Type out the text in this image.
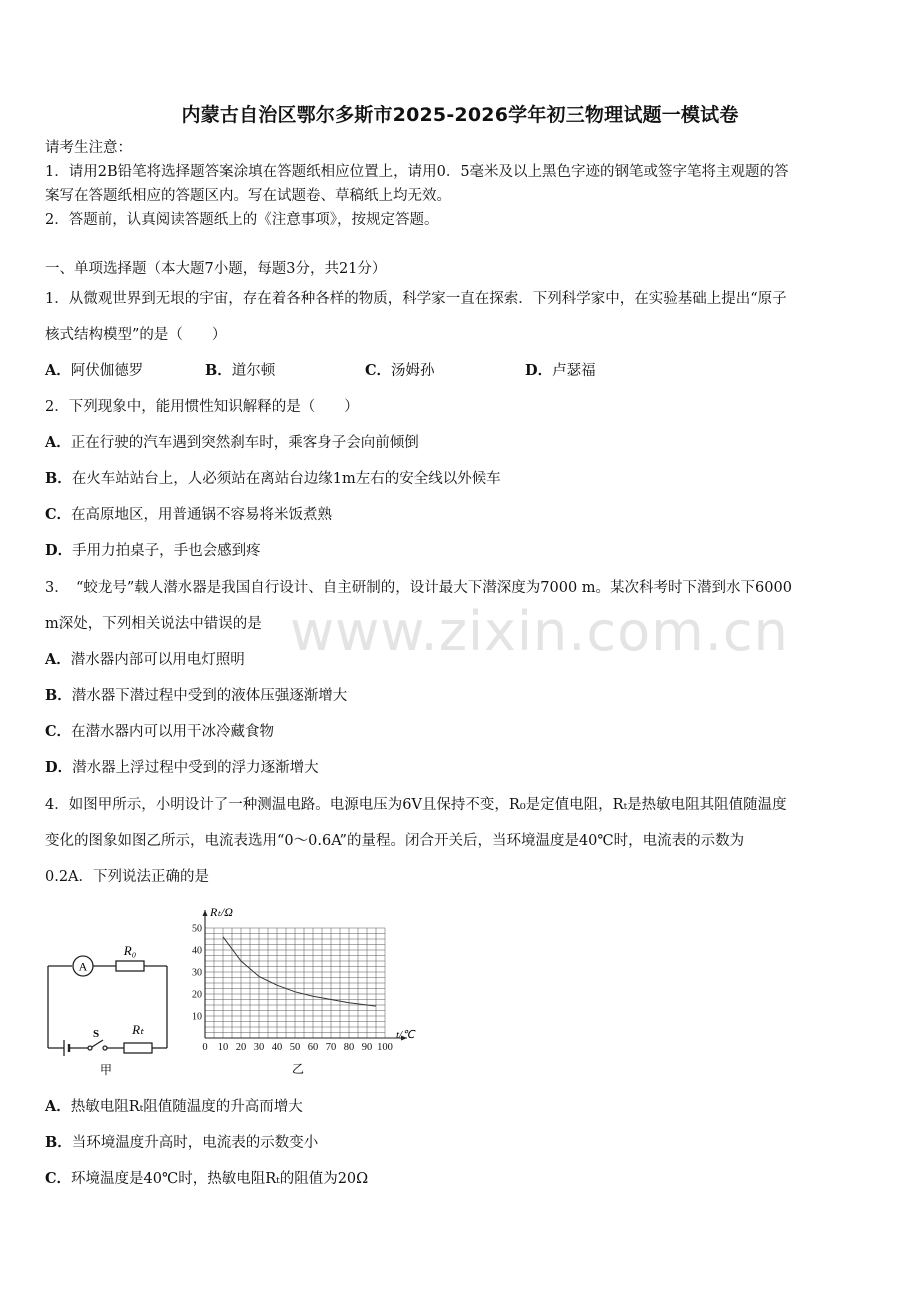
www.zixin.com.cn
内蒙古自治区鄂尔多斯市2025-2026学年初三物理试题一模试卷
请考生注意：
1．请用2B铅笔将选择题答案涂填在答题纸相应位置上，请用0．5毫米及以上黑色字迹的钢笔或签字笔将主观题的答
案写在答题纸相应的答题区内。写在试题卷、草稿纸上均无效。
2．答题前，认真阅读答题纸上的《注意事项》，按规定答题。
一、单项选择题（本大题7小题，每题3分，共21分）
1．从微观世界到无垠的宇宙，存在着各种各样的物质，科学家一直在探索．下列科学家中，在实验基础上提出“原子
核式结构模型”的是（　　）
A．阿伏伽德罗	B．道尔顿	C．汤姆孙	D．卢瑟福
2．下列现象中，能用惯性知识解释的是（　　）
A．正在行驶的汽车遇到突然刹车时，乘客身子会向前倾倒
B．在火车站站台上，人必须站在离站台边缘1m左右的安全线以外候车
C．在高原地区，用普通锅不容易将米饭煮熟
D．手用力拍桌子，手也会感到疼
3．　“蛟龙号”载人潜水器是我国自行设计、自主研制的，设计最大下潜深度为7000 m。某次科考时下潜到水下6000
m深处，下列相关说法中错误的是
A．潜水器内部可以用电灯照明
B．潜水器下潜过程中受到的液体压强逐渐增大
C．在潜水器内可以用干冰冷藏食物
D．潜水器上浮过程中受到的浮力逐渐增大
4．如图甲所示，小明设计了一种测温电路。电源电压为6V且保持不变，R₀是定值电阻，Rₜ是热敏电阻其阻值随温度
变化的图象如图乙所示，电流表选用“0～0.6A”的量程。闭合开关后，当环境温度是40℃时，电流表的示数为
0.2A．下列说法正确的是
A
R₀
S	Rₜ
甲
0 10 20 30 40 50 60 70 80 90 100
10
20
30
40
50
Rₜ/Ω
t/℃
乙
A．热敏电阻Rₜ阻值随温度的升高而增大
B．当环境温度升高时，电流表的示数变小
C．环境温度是40℃时，热敏电阻Rₜ的阻值为20Ω
